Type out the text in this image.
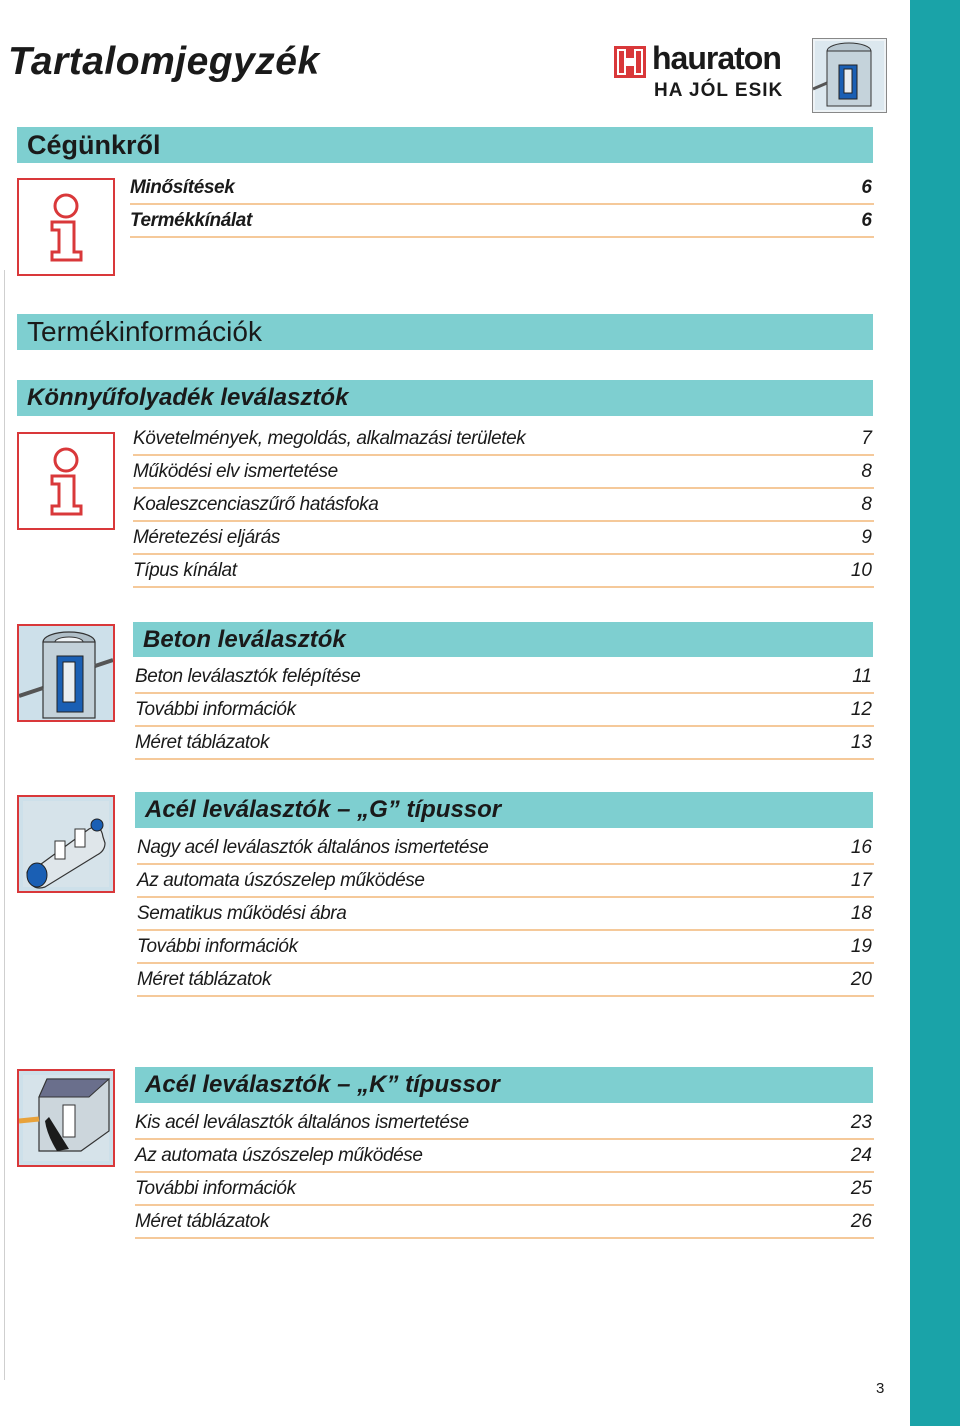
Tartalomjegyzék	hauraton
HA JÓL ESIK
Cégünkről
Minősítések	6
Termékkínálat	6
Termékinformációk
Könnyűfolyadék leválasztók
Követelmények, megoldás, alkalmazási területek	7
Működési elv ismertetése	8
Koaleszcenciaszűrő hatásfoka	8
Méretezési eljárás	9
Típus kínálat	10
Beton leválasztók
Beton leválasztók felépítése	11
További információk	12
Méret táblázatok	13
Acél leválasztók – „G” típussor
Nagy acél leválasztók általános ismertetése	16
Az automata úszószelep működése	17
Sematikus működési ábra	18
További információk	19
Méret táblázatok	20
Acél leválasztók – „K” típussor
Kis acél leválasztók általános ismertetése	23
Az automata úszószelep működése	24
További információk	25
Méret táblázatok	26
3
